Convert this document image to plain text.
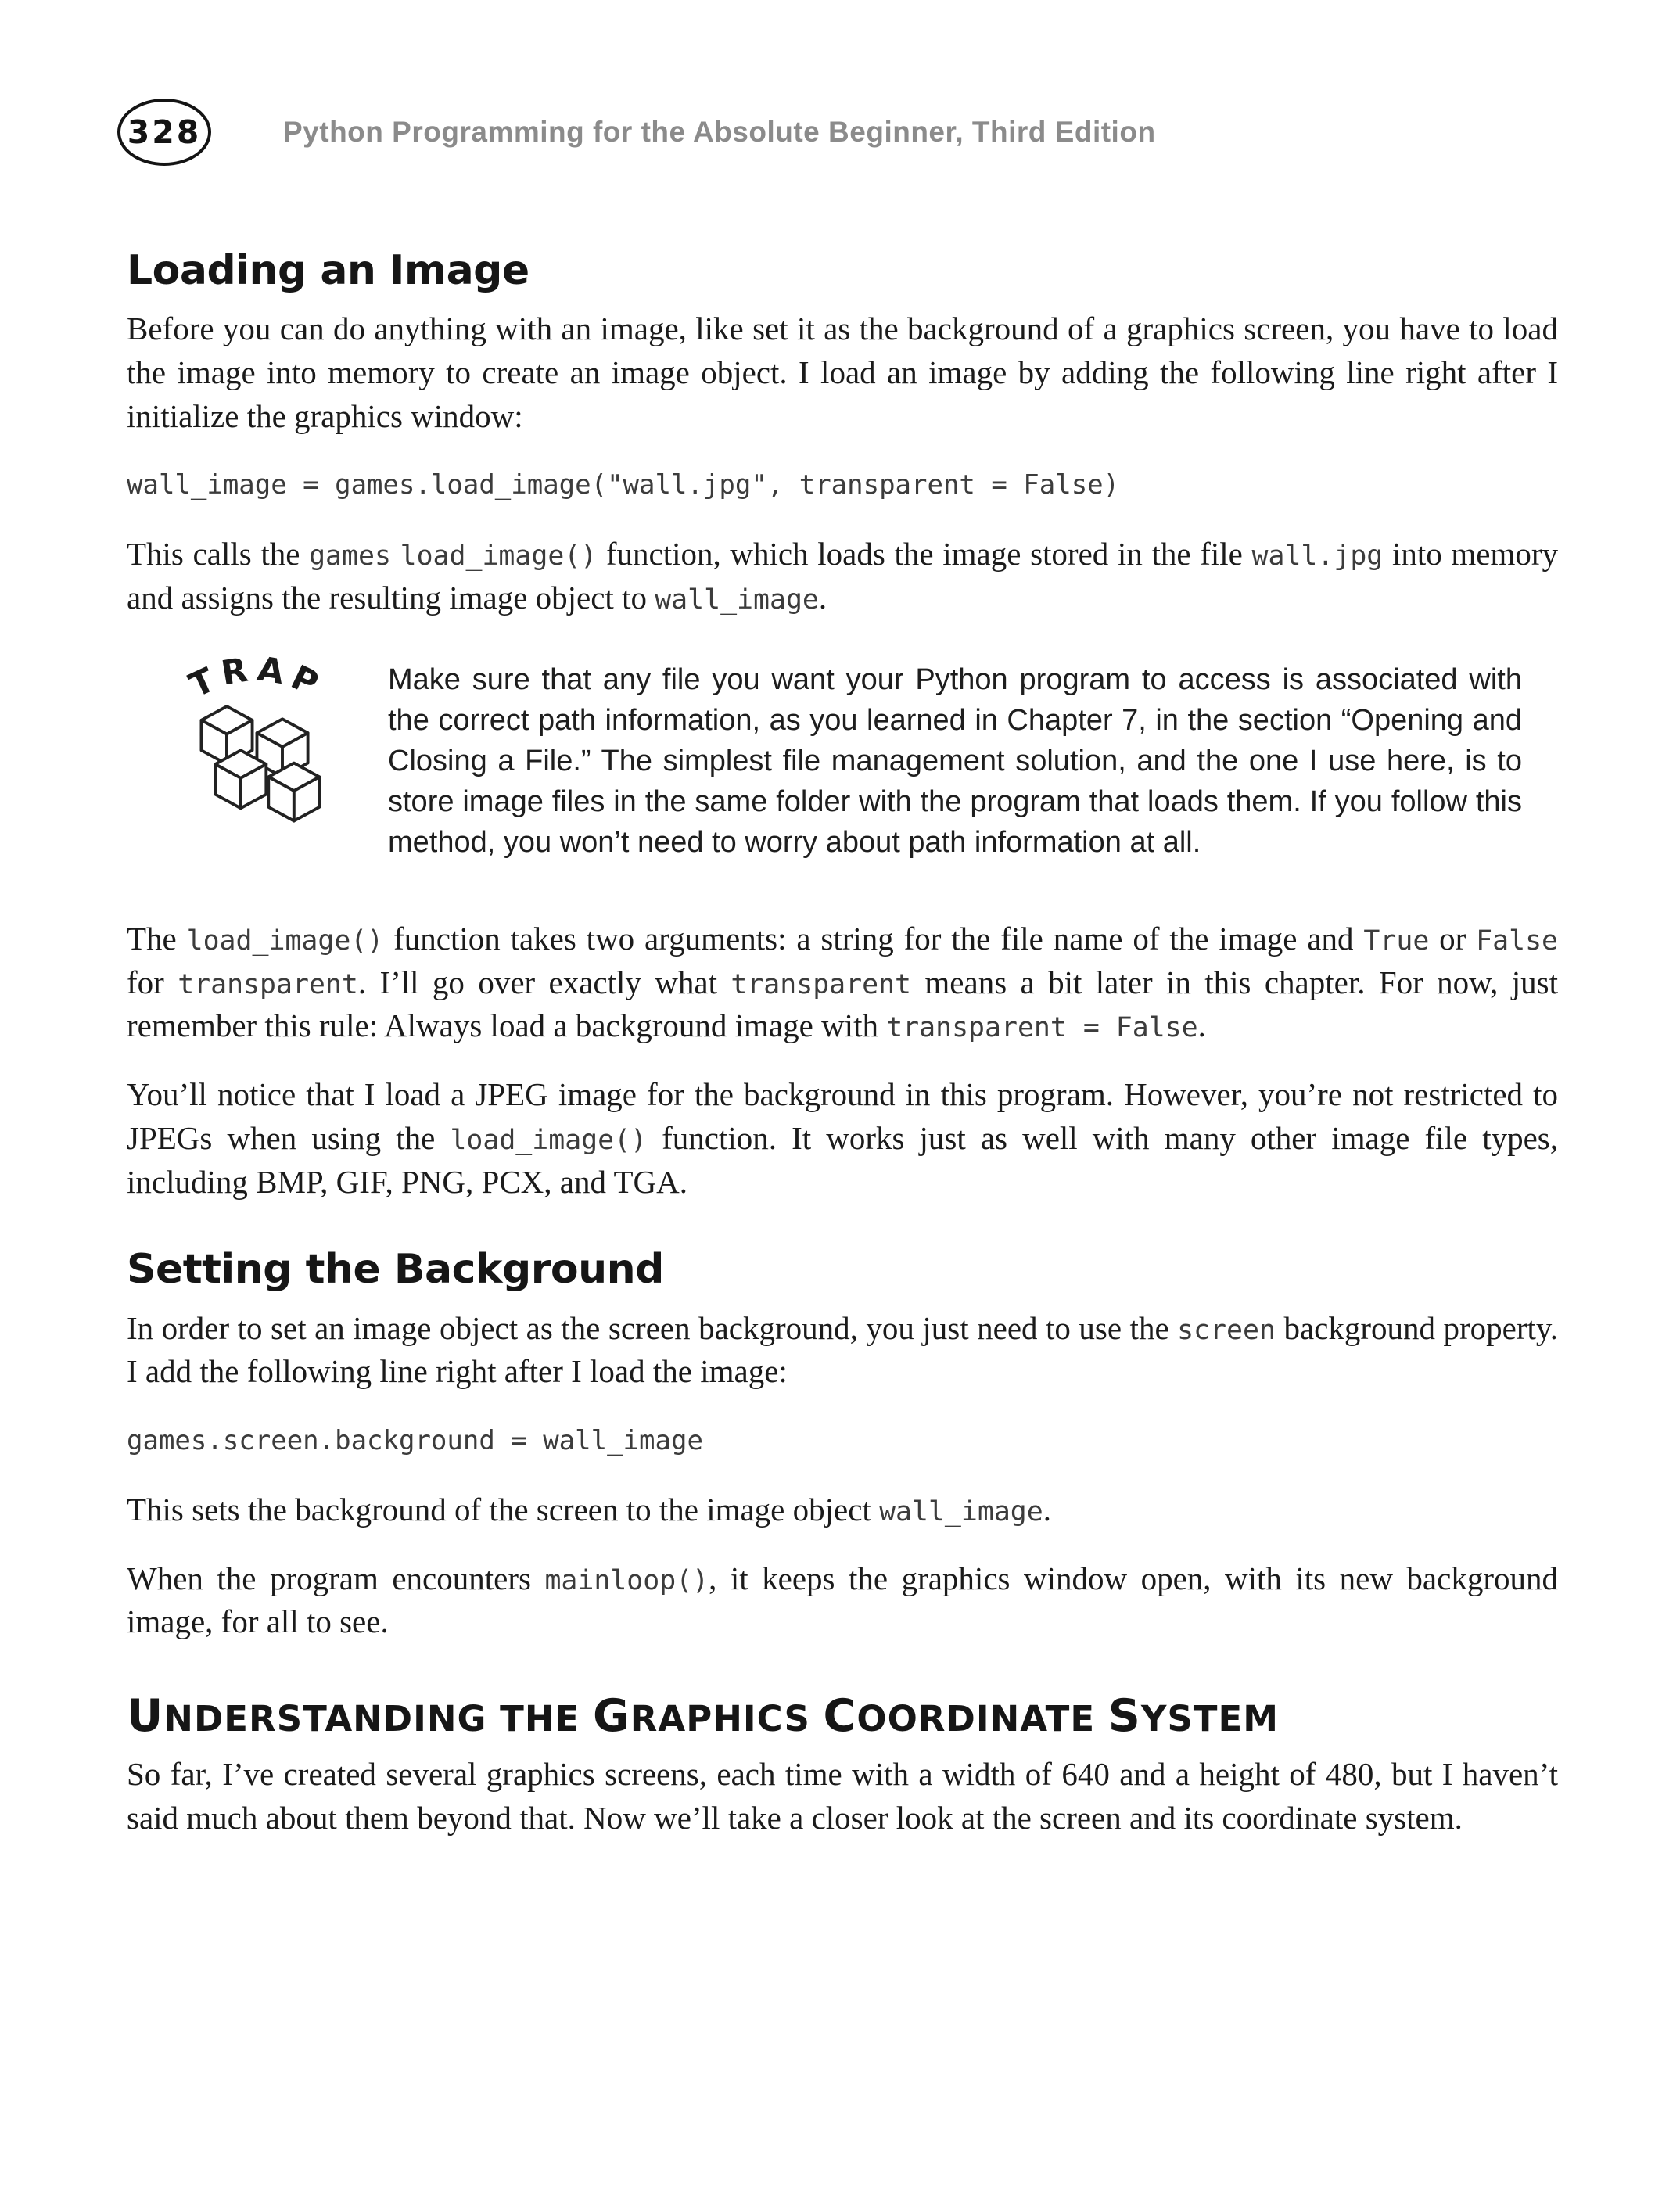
328	Python Programming for the Absolute Beginner, Third Edition
Loading an Image

Before you can do anything with an image, like set it as the background of a graphics screen, you have to load the image into memory to create an image object. I load an image by adding the following line right after I initialize the graphics window:

wall_image = games.load_image("wall.jpg", transparent = False)

This calls the games load_image() function, which loads the image stored in the file wall.jpg into memory and assigns the resulting image object to wall_image.

TRAP Make sure that any file you want your Python program to access is associated with the correct path information, as you learned in Chapter 7, in the section “Opening and Closing a File.” The simplest file management solution, and the one I use here, is to store image files in the same folder with the program that loads them. If you follow this method, you won’t need to worry about path information at all.

The load_image() function takes two arguments: a string for the file name of the image and True or False for transparent. I’ll go over exactly what transparent means a bit later in this chapter. For now, just remember this rule: Always load a background image with transparent = False.

You’ll notice that I load a JPEG image for the background in this program. However, you’re not restricted to JPEGs when using the load_image() function. It works just as well with many other image file types, including BMP, GIF, PNG, PCX, and TGA.

Setting the Background

In order to set an image object as the screen background, you just need to use the screen background property. I add the following line right after I load the image:

games.screen.background = wall_image

This sets the background of the screen to the image object wall_image.

When the program encounters mainloop(), it keeps the graphics window open, with its new background image, for all to see.

UNDERSTANDING THE GRAPHICS COORDINATE SYSTEM

So far, I’ve created several graphics screens, each time with a width of 640 and a height of 480, but I haven’t said much about them beyond that. Now we’ll take a closer look at the screen and its coordinate system.
